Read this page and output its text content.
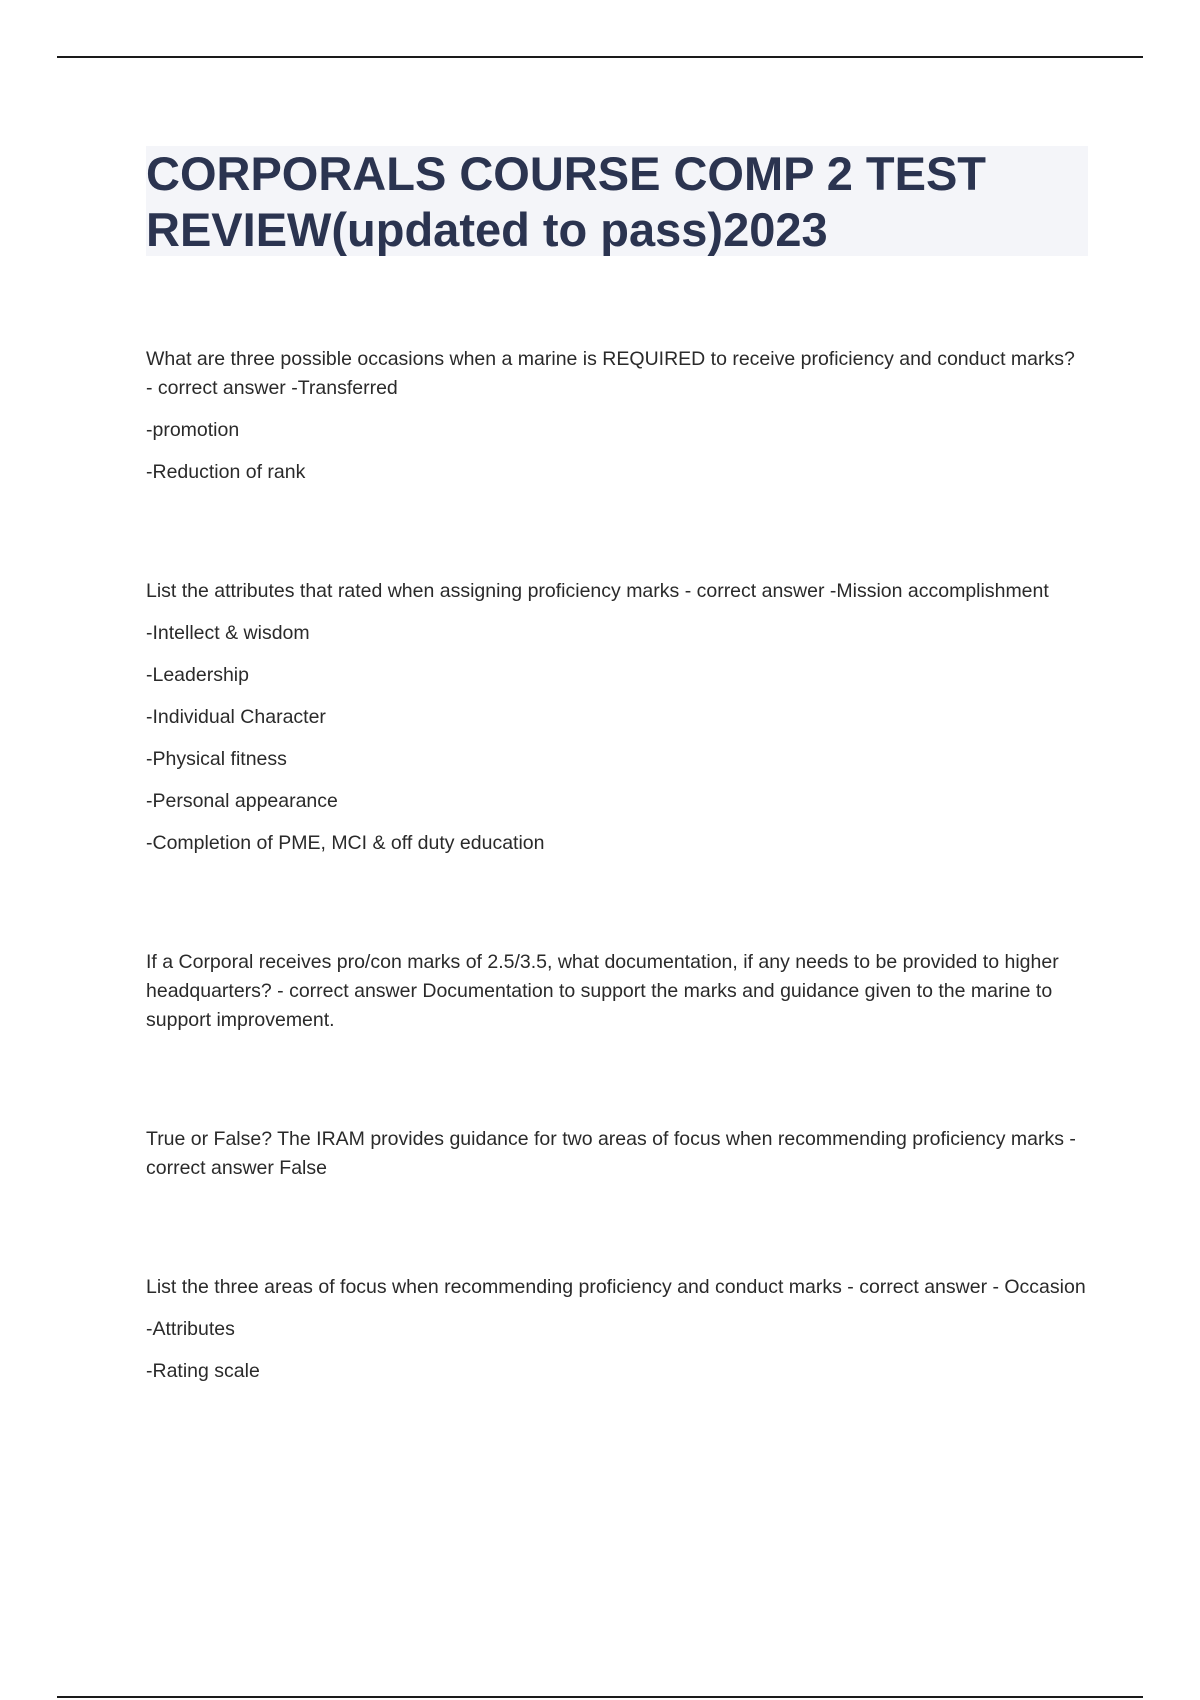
CORPORALS COURSE COMP 2 TEST REVIEW(updated to pass)2023

What are three possible occasions when a marine is REQUIRED to receive proficiency and conduct marks? - correct answer -Transferred

-promotion

-Reduction of rank

List the attributes that rated when assigning proficiency marks - correct answer -Mission accomplishment

-Intellect & wisdom

-Leadership

-Individual Character

-Physical fitness

-Personal appearance

-Completion of PME, MCI & off duty education

If a Corporal receives pro/con marks of 2.5/3.5, what documentation, if any needs to be provided to higher headquarters? - correct answer Documentation to support the marks and guidance given to the marine to support improvement.

True or False? The IRAM provides guidance for two areas of focus when recommending proficiency marks - correct answer False

List the three areas of focus when recommending proficiency and conduct marks - correct answer - Occasion

-Attributes

-Rating scale
